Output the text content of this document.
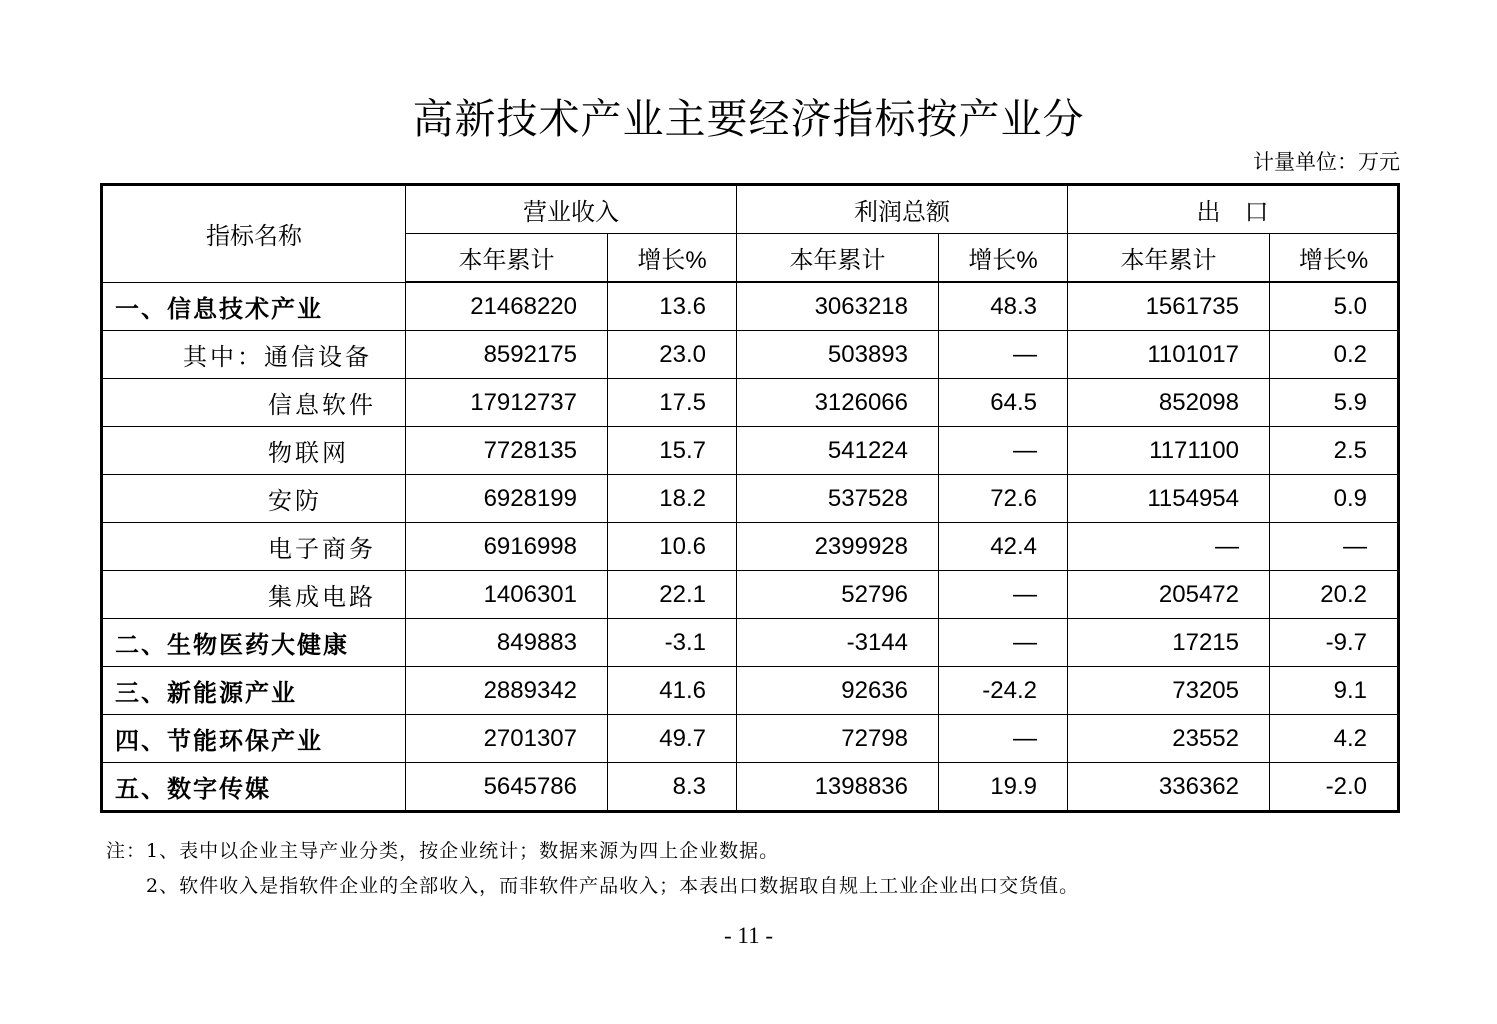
高新技术产业主要经济指标按产业分
计量单位：万元
指标名称	营业收入		利润总额		出　口	
	本年累计	增长%	本年累计	增长%	本年累计	增长%
一、信息技术产业	21468220	13.6	3063218	48.3	1561735	5.0
其中：通信设备	8592175	23.0	503893	—	1101017	0.2
信息软件	17912737	17.5	3126066	64.5	852098	5.9
物联网	7728135	15.7	541224	—	1171100	2.5
安防	6928199	18.2	537528	72.6	1154954	0.9
电子商务	6916998	10.6	2399928	42.4	—	—
集成电路	1406301	22.1	52796	—	205472	20.2
二、生物医药大健康	849883	-3.1	-3144	—	17215	-9.7
三、新能源产业	2889342	41.6	92636	-24.2	73205	9.1
四、节能环保产业	2701307	49.7	72798	—	23552	4.2
五、数字传媒	5645786	8.3	1398836	19.9	336362	-2.0
注：1、表中以企业主导产业分类，按企业统计；数据来源为四上企业数据。
2、软件收入是指软件企业的全部收入，而非软件产品收入；本表出口数据取自规上工业企业出口交货值。
- 11 -
